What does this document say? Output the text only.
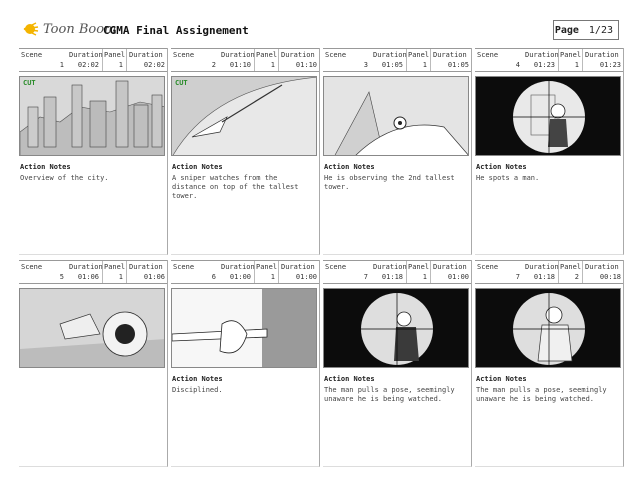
Toon Boom
CGMA Final Assignement	Page 1/23
Scene
1
Duration
02:02
Panel
1
Duration
02:02
CUT
Action Notes
Overview of the city.
Scene
2
Duration
01:10
Panel
1
Duration
01:10
CUT
Action Notes
A sniper watches from the distance on top of the tallest tower.
Scene
3
Duration
01:05
Panel
1
Duration
01:05
Action Notes
He is observing the 2nd tallest tower.
Scene
4
Duration
01:23
Panel
1
Duration
01:23
Action Notes
He spots a man.
Scene
5
Duration
01:06
Panel
1
Duration
01:06
Scene
6
Duration
01:00
Panel
1
Duration
01:00
Action Notes
Disciplined.
Scene
7
Duration
01:18
Panel
1
Duration
01:00
Action Notes
The man pulls a pose, seemingly unaware he is being watched.
Scene
7
Duration
01:18
Panel
2
Duration
00:18
Action Notes
The man pulls a pose, seemingly unaware he is being watched.
